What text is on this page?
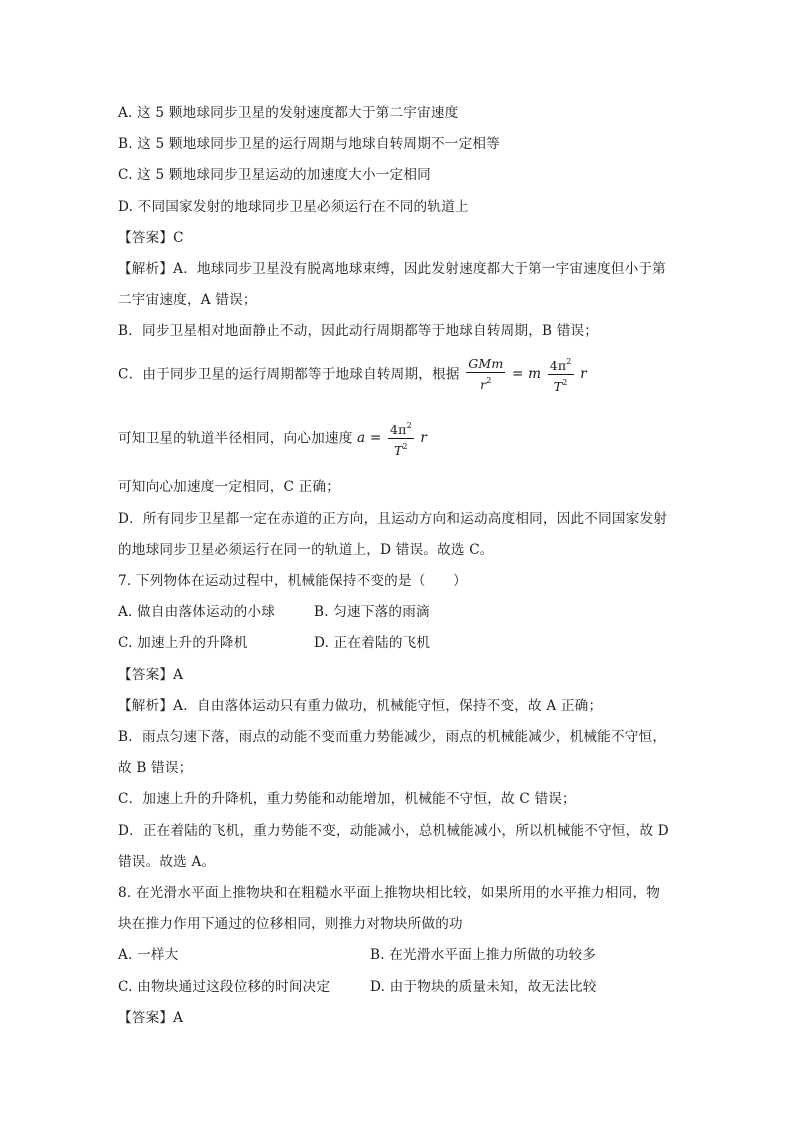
A. 这 5 颗地球同步卫星的发射速度都大于第二宇宙速度
B. 这 5 颗地球同步卫星的运行周期与地球自转周期不一定相等
C. 这 5 颗地球同步卫星运动的加速度大小一定相同
D. 不同国家发射的地球同步卫星必须运行在不同的轨道上
【答案】C
【解析】A．地球同步卫星没有脱离地球束缚，因此发射速度都大于第一宇宙速度但小于第
二宇宙速度，A 错误；
B．同步卫星相对地面静止不动，因此动行周期都等于地球自转周期，B 错误；
C．由于同步卫星的运行周期都等于地球自转周期，根据 $\frac{\text{GMm}}{r^2} = m \frac{4\pi^2}{T^2}$ r
可知卫星的轨道半径相同，向心加速度 $a = \frac{4\pi^2}{T^2}$ r
可知向心加速度一定相同，C 正确；
D．所有同步卫星都一定在赤道的正方向，且运动方向和运动高度相同，因此不同国家发射
的地球同步卫星必须运行在同一的轨道上，D 错误。故选 C。
7. 下列物体在运动过程中，机械能保持不变的是（　　）
A. 做自由落体运动的小球	B. 匀速下落的雨滴
C. 加速上升的升降机	D. 正在着陆的飞机
【答案】A
【解析】A．自由落体运动只有重力做功，机械能守恒，保持不变，故 A 正确；
B．雨点匀速下落，雨点的动能不变而重力势能减少，雨点的机械能减少，机械能不守恒，
故 B 错误；
C．加速上升的升降机，重力势能和动能增加，机械能不守恒，故 C 错误；
D．正在着陆的飞机，重力势能不变，动能减小，总机械能减小，所以机械能不守恒，故 D
错误。故选 A。
8. 在光滑水平面上推物块和在粗糙水平面上推物块相比较，如果所用的水平推力相同，物
块在推力作用下通过的位移相同，则推力对物块所做的功
A. 一样大	B. 在光滑水平面上推力所做的功较多
C. 由物块通过这段位移的时间决定	D. 由于物块的质量未知，故无法比较
【答案】A
